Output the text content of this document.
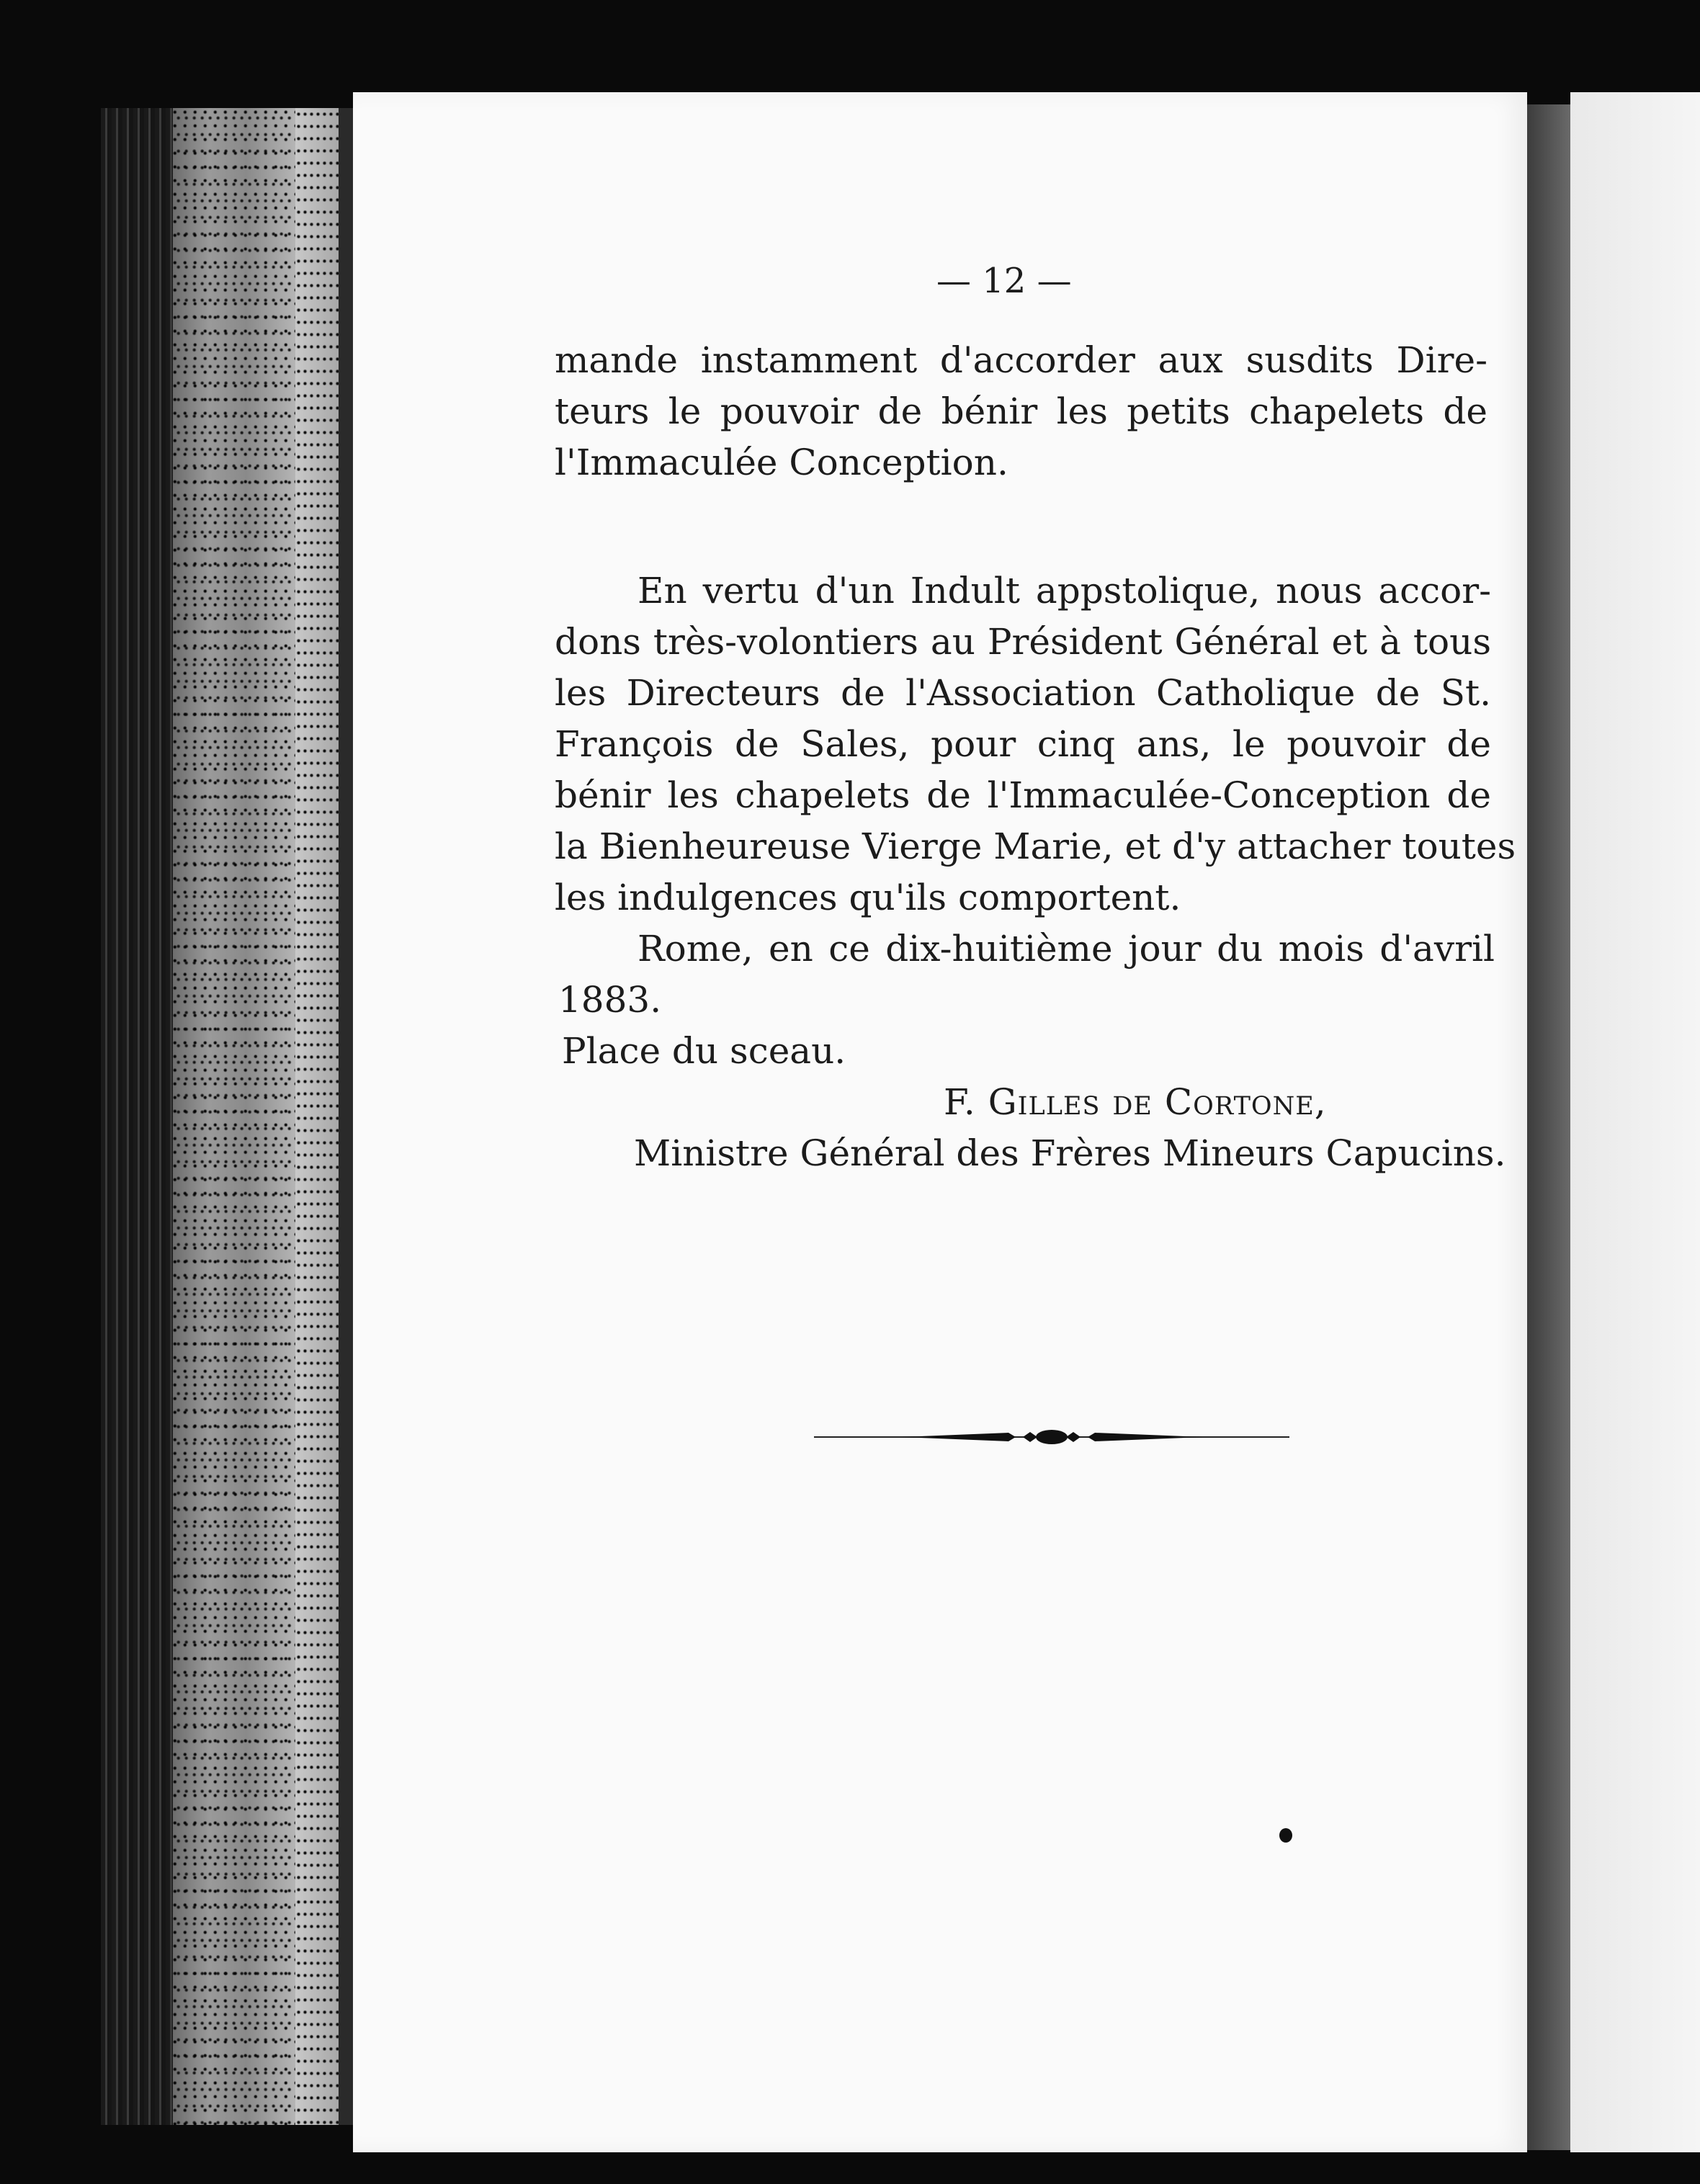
— 12 —
mande instamment d'accorder aux susdits Dire‑
teurs le pouvoir de bénir les petits chapelets de
l'Immaculée Conception.
En vertu d'un Indult appstolique, nous accor‑
dons très-volontiers au Président Général et à tous
les Directeurs de l'Association Catholique de St.
François de Sales, pour cinq ans, le pouvoir de
bénir les chapelets de l'Immaculée-Conception de
la Bienheureuse Vierge Marie, et d'y attacher toutes
les indulgences qu'ils comportent.
Rome, en ce dix-huitième jour du mois d'avril
1883.
Place du sceau.
F. Gilles de Cortone,
Ministre Général des Frères Mineurs Capucins.
